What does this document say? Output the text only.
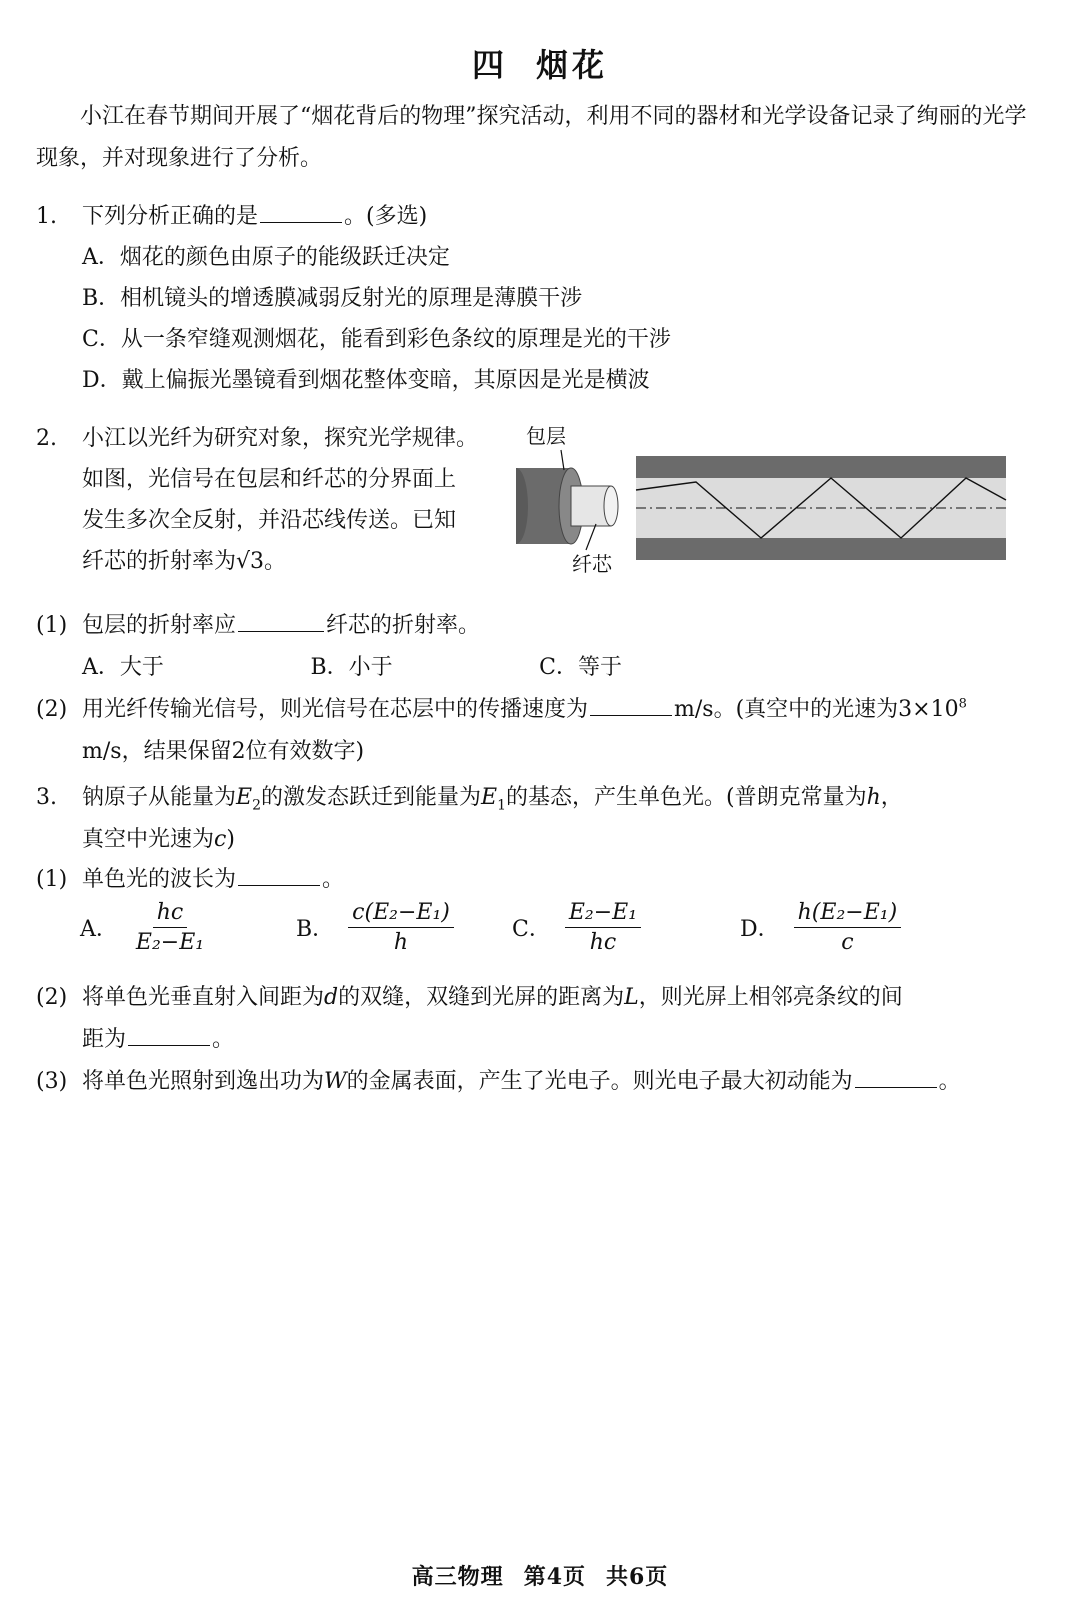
四 烟花
小江在春节期间开展了“烟花背后的物理”探究活动，利用不同的器材和光学设备记录了绚丽的光学现象，并对现象进行了分析。
1. 下列分析正确的是	。(多选)
A．烟花的颜色由原子的能级跃迁决定
B．相机镜头的增透膜减弱反射光的原理是薄膜干涉
C．从一条窄缝观测烟花，能看到彩色条纹的原理是光的干涉
D．戴上偏振光墨镜看到烟花整体变暗，其原因是光是横波
2. 小江以光纤为研究对象，探究光学规律。
如图，光信号在包层和纤芯的分界面上
发生多次全反射，并沿芯线传送。已知
纤芯的折射率为√3。
包层
纤芯
(1) 包层的折射率应	纤芯的折射率。
A．大于	B．小于	C．等于
(2) 用光纤传输光信号，则光信号在芯层中的传播速度为	m/s。(真空中的光速为$3\times 10^8$
m/s，结果保留2位有效数字)
3. 钠原子从能量为$E_2$的激发态跃迁到能量为$E_1$的基态，产生单色光。(普朗克常量为h，
真空中光速为c)
(1) 单色光的波长为	。
A． $\frac{hc}{\text{E₂−E₁}}$	B． $\frac{\text{c(E₂−E₁)}}{h}$	C． $\frac{\text{E₂−E₁}}{hc}$	D． $\frac{\text{h(E₂−E₁)}}{c}$
(2) 将单色光垂直射入间距为d的双缝，双缝到光屏的距离为L，则光屏上相邻亮条纹的间
距为	。
(3) 将单色光照射到逸出功为W的金属表面，产生了光电子。则光电子最大初动能为	。
高三物理 第4页 共6页
